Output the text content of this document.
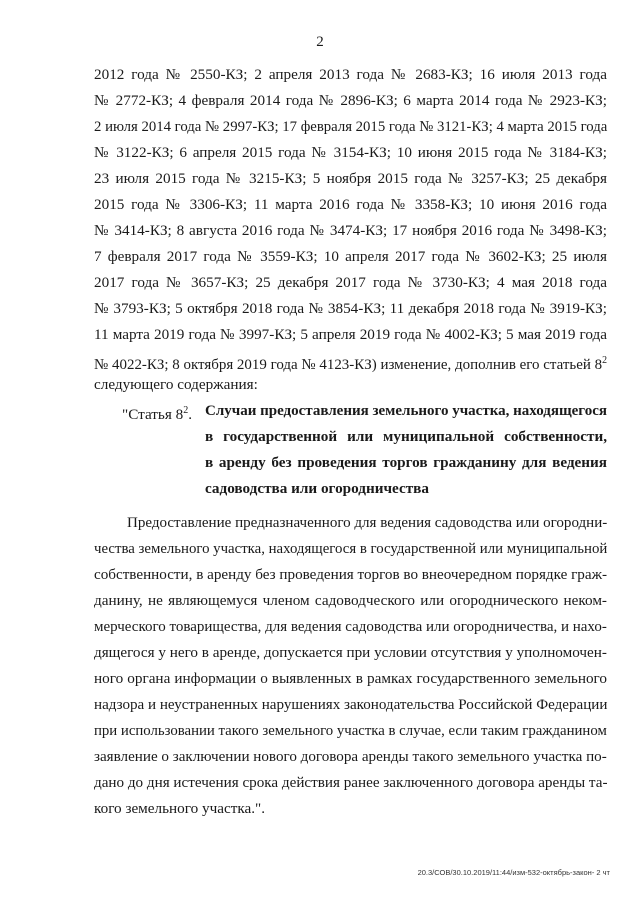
2
2012 года № 2550-КЗ; 2 апреля 2013 года № 2683-КЗ; 16 июля 2013 года
№ 2772-КЗ; 4 февраля 2014 года № 2896-КЗ; 6 марта 2014 года № 2923-КЗ;
2 июля 2014 года № 2997-КЗ; 17 февраля 2015 года № 3121-КЗ; 4 марта 2015 года
№ 3122-КЗ; 6 апреля 2015 года № 3154-КЗ; 10 июня 2015 года № 3184-КЗ;
23 июля 2015 года № 3215-КЗ; 5 ноября 2015 года № 3257-КЗ; 25 декабря
2015 года № 3306-КЗ; 11 марта 2016 года № 3358-КЗ; 10 июня 2016 года
№ 3414-КЗ; 8 августа 2016 года № 3474-КЗ; 17 ноября 2016 года № 3498-КЗ;
7 февраля 2017 года № 3559-КЗ; 10 апреля 2017 года № 3602-КЗ; 25 июля
2017 года № 3657-КЗ; 25 декабря 2017 года № 3730-КЗ; 4 мая 2018 года
№ 3793-КЗ; 5 октября 2018 года № 3854-КЗ; 11 декабря 2018 года № 3919-КЗ;
11 марта 2019 года № 3997-КЗ; 5 апреля 2019 года № 4002-КЗ; 5 мая 2019 года
№ 4022-КЗ; 8 октября 2019 года № 4123-КЗ) изменение, дополнив его статьей $8^2$
следующего содержания:
"Статья $8^2$. Случаи предоставления земельного участка, находящегося
в государственной или муниципальной собственности,
в аренду без проведения торгов гражданину для ведения
садоводства или огородничества
Предоставление предназначенного для ведения садоводства или огородни-
чества земельного участка, находящегося в государственной или муниципальной
собственности, в аренду без проведения торгов во внеочередном порядке граж-
данину, не являющемуся членом садоводческого или огороднического неком-
мерческого товарищества, для ведения садоводства или огородничества, и нахо-
дящегося у него в аренде, допускается при условии отсутствия у уполномочен-
ного органа информации о выявленных в рамках государственного земельного
надзора и неустраненных нарушениях законодательства Российской Федерации
при использовании такого земельного участка в случае, если таким гражданином
заявление о заключении нового договора аренды такого земельного участка по-
дано до дня истечения срока действия ранее заключенного договора аренды та-
кого земельного участка.".
20.3/СОВ/30.10.2019/11:44/изм-532-октябрь-закон- 2 чт
